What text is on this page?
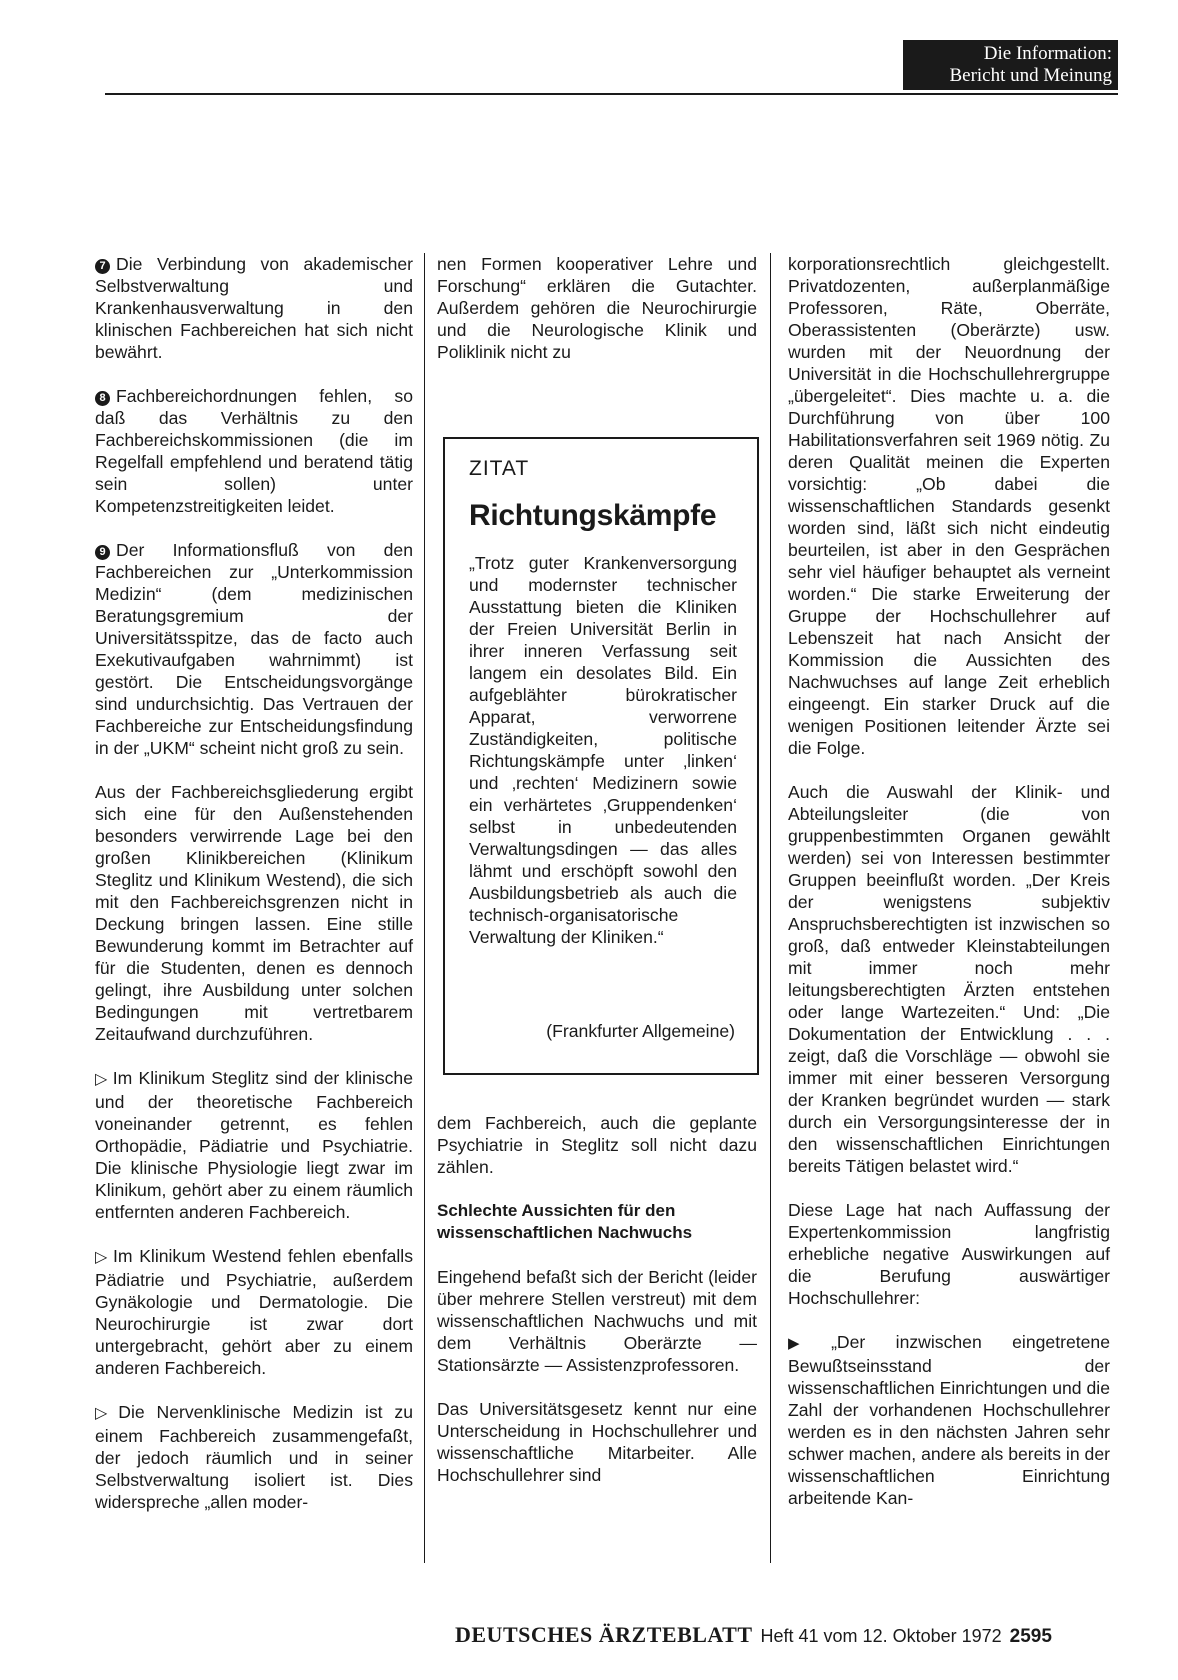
Die Information:
Bericht und Meinung

7 Die Verbindung von akademischer Selbstverwaltung und Krankenhausverwaltung in den klinischen Fachbereichen hat sich nicht bewährt.

8 Fachbereichordnungen fehlen, so daß das Verhältnis zu den Fachbereichskommissionen (die im Regelfall empfehlend und beratend tätig sein sollen) unter Kompetenzstreitigkeiten leidet.

9 Der Informationsfluß von den Fachbereichen zur „Unterkommission Medizin“ (dem medizinischen Beratungsgremium der Universitätsspitze, das de facto auch Exekutivaufgaben wahrnimmt) ist gestört. Die Entscheidungsvorgänge sind undurchsichtig. Das Vertrauen der Fachbereiche zur Entscheidungsfindung in der „UKM“ scheint nicht groß zu sein.

Aus der Fachbereichsgliederung ergibt sich eine für den Außenstehenden besonders verwirrende Lage bei den großen Klinikbereichen (Klinikum Steglitz und Klinikum Westend), die sich mit den Fachbereichsgrenzen nicht in Deckung bringen lassen. Eine stille Bewunderung kommt im Betrachter auf für die Studenten, denen es dennoch gelingt, ihre Ausbildung unter solchen Bedingungen mit vertretbarem Zeitaufwand durchzuführen.

▷ Im Klinikum Steglitz sind der klinische und der theoretische Fachbereich voneinander getrennt, es fehlen Orthopädie, Pädiatrie und Psychiatrie. Die klinische Physiologie liegt zwar im Klinikum, gehört aber zu einem räumlich entfernten anderen Fachbereich.

▷ Im Klinikum Westend fehlen ebenfalls Pädiatrie und Psychiatrie, außerdem Gynäkologie und Dermatologie. Die Neurochirurgie ist zwar dort untergebracht, gehört aber zu einem anderen Fachbereich.

▷ Die Nervenklinische Medizin ist zu einem Fachbereich zusammengefaßt, der jedoch räumlich und in seiner Selbstverwaltung isoliert ist. Dies widerspreche „allen moder-

nen Formen kooperativer Lehre und Forschung“ erklären die Gutachter. Außerdem gehören die Neurochirurgie und die Neurologische Klinik und Poliklinik nicht zu

ZITAT
Richtungskämpfe
„Trotz guter Krankenversorgung und modernster technischer Ausstattung bieten die Kliniken der Freien Universität Berlin in ihrer inneren Verfassung seit langem ein desolates Bild. Ein aufgeblähter bürokratischer Apparat, verworrene Zuständigkeiten, politische Richtungskämpfe unter ‚linken‘ und ‚rechten‘ Medizinern sowie ein verhärtetes ‚Gruppendenken‘ selbst in unbedeutenden Verwaltungsdingen — das alles lähmt und erschöpft sowohl den Ausbildungsbetrieb als auch die technisch-organisatorische Verwaltung der Kliniken.“
(Frankfurter Allgemeine)

dem Fachbereich, auch die geplante Psychiatrie in Steglitz soll nicht dazu zählen.

Schlechte Aussichten für den
wissenschaftlichen Nachwuchs

Eingehend befaßt sich der Bericht (leider über mehrere Stellen verstreut) mit dem wissenschaftlichen Nachwuchs und mit dem Verhältnis Oberärzte — Stationsärzte — Assistenzprofessoren.

Das Universitätsgesetz kennt nur eine Unterscheidung in Hochschullehrer und wissenschaftliche Mitarbeiter. Alle Hochschullehrer sind

korporationsrechtlich gleichgestellt. Privatdozenten, außerplanmäßige Professoren, Räte, Oberräte, Oberassistenten (Oberärzte) usw. wurden mit der Neuordnung der Universität in die Hochschullehrergruppe „übergeleitet“. Dies machte u. a. die Durchführung von über 100 Habilitationsverfahren seit 1969 nötig. Zu deren Qualität meinen die Experten vorsichtig: „Ob dabei die wissenschaftlichen Standards gesenkt worden sind, läßt sich nicht eindeutig beurteilen, ist aber in den Gesprächen sehr viel häufiger behauptet als verneint worden.“ Die starke Erweiterung der Gruppe der Hochschullehrer auf Lebenszeit hat nach Ansicht der Kommission die Aussichten des Nachwuchses auf lange Zeit erheblich eingeengt. Ein starker Druck auf die wenigen Positionen leitender Ärzte sei die Folge.

Auch die Auswahl der Klinik- und Abteilungsleiter (die von gruppenbestimmten Organen gewählt werden) sei von Interessen bestimmter Gruppen beeinflußt worden. „Der Kreis der wenigstens subjektiv Anspruchsberechtigten ist inzwischen so groß, daß entweder Kleinstabteilungen mit immer noch mehr leitungsberechtigten Ärzten entstehen oder lange Wartezeiten.“ Und: „Die Dokumentation der Entwicklung . . . zeigt, daß die Vorschläge — obwohl sie immer mit einer besseren Versorgung der Kranken begründet wurden — stark durch ein Versorgungsinteresse der in den wissenschaftlichen Einrichtungen bereits Tätigen belastet wird.“

Diese Lage hat nach Auffassung der Expertenkommission langfristig erhebliche negative Auswirkungen auf die Berufung auswärtiger Hochschullehrer:

▶ „Der inzwischen eingetretene Bewußtseinsstand der wissenschaftlichen Einrichtungen und die Zahl der vorhandenen Hochschullehrer werden es in den nächsten Jahren sehr schwer machen, andere als bereits in der wissenschaftlichen Einrichtung arbeitende Kan-

DEUTSCHES ÄRZTEBLATT Heft 41 vom 12. Oktober 1972 2595
